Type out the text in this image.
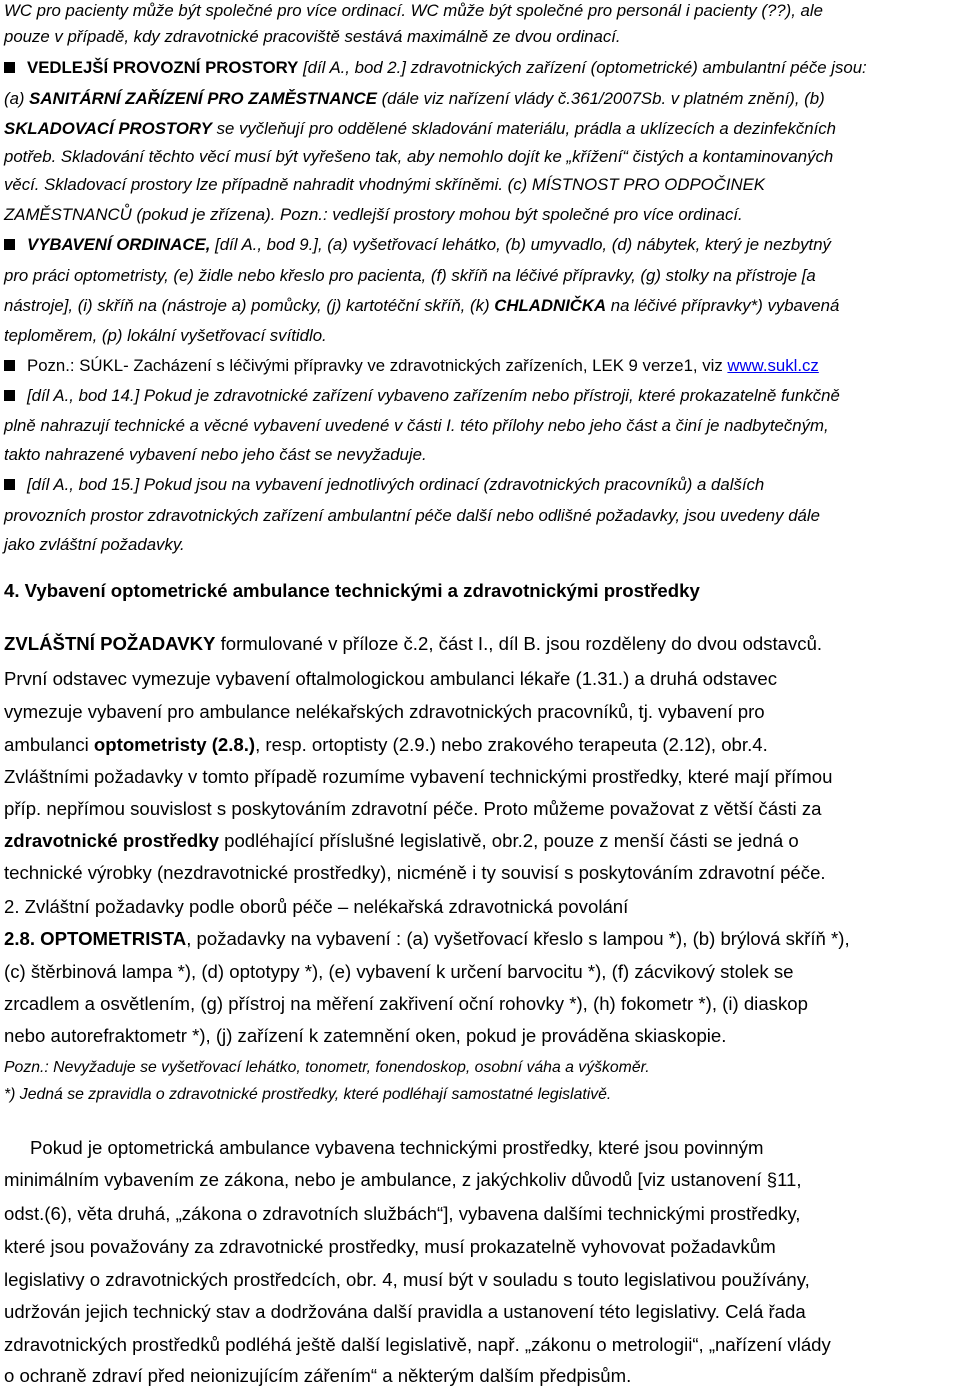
WC pro pacienty může být společné pro více ordinací. WC může být společné pro personál i pacienty (??), ale
pouze v případě, kdy zdravotnické pracoviště sestává maximálně ze dvou ordinací.
VEDLEJŠÍ PROVOZNÍ PROSTORY [díl A., bod 2.] zdravotnických zařízení (optometrické) ambulantní péče jsou:
(a) SANITÁRNÍ ZAŘÍZENÍ PRO ZAMĚSTNANCE (dále viz nařízení vlády č.361/2007Sb. v platném znění), (b)
SKLADOVACÍ PROSTORY se vyčleňují pro oddělené skladování materiálu, prádla a uklízecích a dezinfekčních
potřeb. Skladování těchto věcí musí být vyřešeno tak, aby nemohlo dojít ke „křížení“ čistých a kontaminovaných
věcí. Skladovací prostory lze případně nahradit vhodnými skříněmi. (c) MÍSTNOST PRO ODPOČINEK
ZAMĚSTNANCŮ (pokud je zřízena). Pozn.: vedlejší prostory mohou být společné pro více ordinací.
VYBAVENÍ ORDINACE, [díl A., bod 9.], (a) vyšetřovací lehátko, (b) umyvadlo, (d) nábytek, který je nezbytný
pro práci optometristy, (e) židle nebo křeslo pro pacienta, (f) skříň na léčivé přípravky, (g) stolky na přístroje [a
nástroje], (i) skříň na (nástroje a) pomůcky, (j) kartotéční skříň, (k) CHLADNIČKA na léčivé přípravky*) vybavená
teploměrem, (p) lokální vyšetřovací svítidlo.
Pozn.: SÚKL- Zacházení s léčivými přípravky ve zdravotnických zařízeních, LEK 9 verze1, viz www.sukl.cz
[díl A., bod 14.] Pokud je zdravotnické zařízení vybaveno zařízením nebo přístroji, které prokazatelně funkčně
plně nahrazují technické a věcné vybavení uvedené v části I. této přílohy nebo jeho část a činí je nadbytečným,
takto nahrazené vybavení nebo jeho část se nevyžaduje.
[díl A., bod 15.] Pokud jsou na vybavení jednotlivých ordinací (zdravotnických pracovníků) a dalších
provozních prostor zdravotnických zařízení ambulantní péče další nebo odlišné požadavky, jsou uvedeny dále
jako zvláštní požadavky.
4. Vybavení optometrické ambulance technickými a zdravotnickými prostředky
ZVLÁŠTNÍ POŽADAVKY formulované v příloze č.2, část I., díl B. jsou rozděleny do dvou odstavců.
První odstavec vymezuje vybavení oftalmologickou ambulanci lékaře (1.31.) a druhá odstavec
vymezuje vybavení pro ambulance nelékařských zdravotnických pracovníků, tj. vybavení pro
ambulanci optometristy (2.8.), resp. ortoptisty (2.9.) nebo zrakového terapeuta (2.12), obr.4.
Zvláštními požadavky v tomto případě rozumíme vybavení technickými prostředky, které mají přímou
příp. nepřímou souvislost s poskytováním zdravotní péče. Proto můžeme považovat z větší části za
zdravotnické prostředky podléhající příslušné legislativě, obr.2, pouze z menší části se jedná o
technické výrobky (nezdravotnické prostředky), nicméně i ty souvisí s poskytováním zdravotní péče.
2. Zvláštní požadavky podle oborů péče – nelékařská zdravotnická povolání
2.8. OPTOMETRISTA, požadavky na vybavení : (a) vyšetřovací křeslo s lampou *), (b) brýlová skříň *),
(c) štěrbinová lampa *), (d) optotypy *), (e) vybavení k určení barvocitu *), (f) zácvikový stolek se
zrcadlem a osvětlením, (g) přístroj na měření zakřivení oční rohovky *), (h) fokometr *), (i) diaskop
nebo autorefraktometr *), (j) zařízení k zatemnění oken, pokud je prováděna skiaskopie.
Pozn.: Nevyžaduje se vyšetřovací lehátko, tonometr, fonendoskop, osobní váha a výškoměr.
*) Jedná se zpravidla o zdravotnické prostředky, které podléhají samostatné legislativě.
Pokud je optometrická ambulance vybavena technickými prostředky, které jsou povinným
minimálním vybavením ze zákona, nebo je ambulance, z jakýchkoliv důvodů [viz ustanovení §11,
odst.(6), věta druhá, „zákona o zdravotních službách“], vybavena dalšími technickými prostředky,
které jsou považovány za zdravotnické prostředky, musí prokazatelně vyhovovat požadavkům
legislativy o zdravotnických prostředcích, obr. 4, musí být v souladu s touto legislativou používány,
udržován jejich technický stav a dodržována další pravidla a ustanovení této legislativy. Celá řada
zdravotnických prostředků podléhá ještě další legislativě, např. „zákonu o metrologii“, „nařízení vlády
o ochraně zdraví před neionizujícím zářením“ a některým dalším předpisům.
